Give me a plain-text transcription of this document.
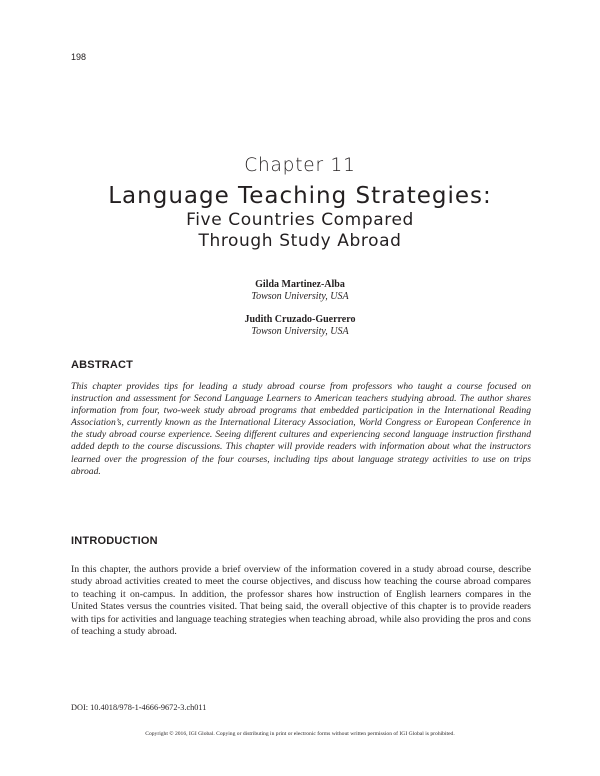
198
Chapter 11
Language Teaching Strategies:
Five Countries Compared
Through Study Abroad
Gilda Martinez-Alba
Towson University, USA
Judith Cruzado-Guerrero
Towson University, USA
ABSTRACT
This chapter provides tips for leading a study abroad course from professors who taught a course focused on instruction and assessment for Second Language Learners to American teachers studying abroad. The author shares information from four, two-week study abroad programs that embedded participation in the International Reading Association’s, currently known as the International Literacy Association, World Congress or European Conference in the study abroad course experience. Seeing different cultures and experiencing second language instruction firsthand added depth to the course discussions. This chapter will provide readers with information about what the instructors learned over the progression of the four courses, including tips about language strategy activities to use on trips abroad.
INTRODUCTION
In this chapter, the authors provide a brief overview of the information covered in a study abroad course, describe study abroad activities created to meet the course objectives, and discuss how teaching the course abroad compares to teaching it on-campus. In addition, the professor shares how instruction of English learners compares in the United States versus the countries visited. That being said, the overall objective of this chapter is to provide readers with tips for activities and language teaching strategies when teaching abroad, while also providing the pros and cons of teaching a study abroad.
DOI: 10.4018/978-1-4666-9672-3.ch011
Copyright © 2016, IGI Global. Copying or distributing in print or electronic forms without written permission of IGI Global is prohibited.
